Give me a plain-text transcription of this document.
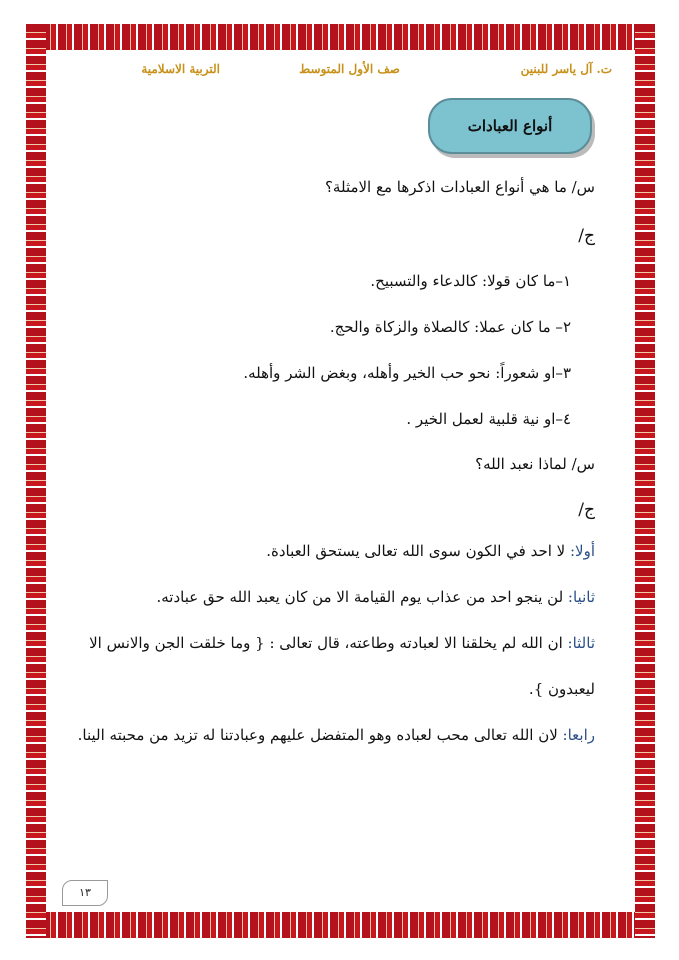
ت. آل ياسر للبنين
صف الأول المتوسط
التربية الاسلامية
أنواع العبادات
س/ ما هي أنواع العبادات اذكرها مع الامثلة؟
ج/
١–ما كان قولا: كالدعاء والتسبيح.
٢– ما كان عملا: كالصلاة والزكاة والحج.
٣–او شعوراً: نحو حب الخير وأهله، وبغض الشر وأهله.
٤–او نية قلبية لعمل الخير .
س/ لماذا نعبد الله؟
ج/
أولا: لا احد في الكون سوى الله تعالى يستحق العبادة.
ثانيا: لن ينجو احد من عذاب يوم القيامة الا من كان يعبد الله حق عبادته.
ثالثا: ان الله لم يخلقنا الا لعبادته وطاعته، قال تعالى : { وما خلقت الجن والانس الا
ليعبدون }.
رابعا: لان الله تعالى محب لعباده وهو المتفضل عليهم وعبادتنا له تزيد من محبته الينا.
١٣
